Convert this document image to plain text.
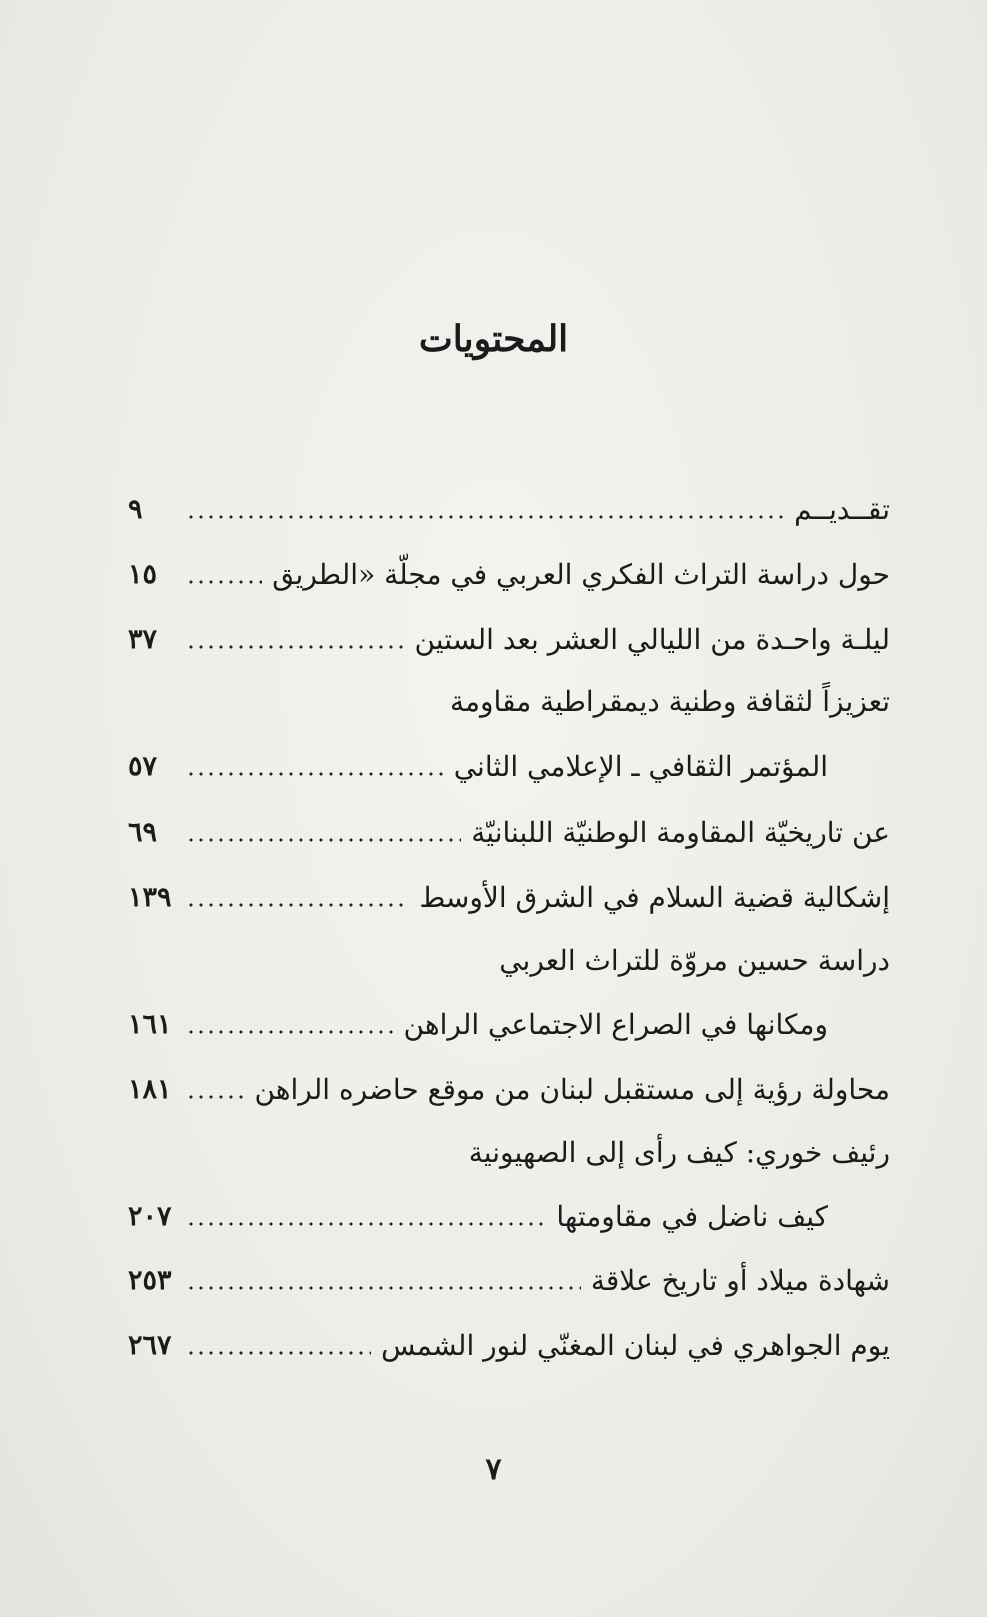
المحتويات
تقــديــم
٩
حول دراسة التراث الفكري العربي في مجلّة «الطريق
١٥
ليلـة واحـدة من الليالي العشر بعد الستين
٣٧
تعزيزاً لثقافة وطنية ديمقراطية مقاومة
المؤتمر الثقافي ـ الإعلامي الثاني
٥٧
عن تاريخيّة المقاومة الوطنيّة اللبنانيّة
٦٩
إشكالية قضية السلام في الشرق الأوسط
١٣٩
دراسة حسين مروّة للتراث العربي
ومكانها في الصراع الاجتماعي الراهن
١٦١
محاولة رؤية إلى مستقبل لبنان من موقع حاضره الراهن
١٨١
رئيف خوري: كيف رأى إلى الصهيونية
كيف ناضل في مقاومتها
٢٠٧
شهادة ميلاد أو تاريخ علاقة
٢٥٣
يوم الجواهري في لبنان المغنّي لنور الشمس
٢٦٧
٧
